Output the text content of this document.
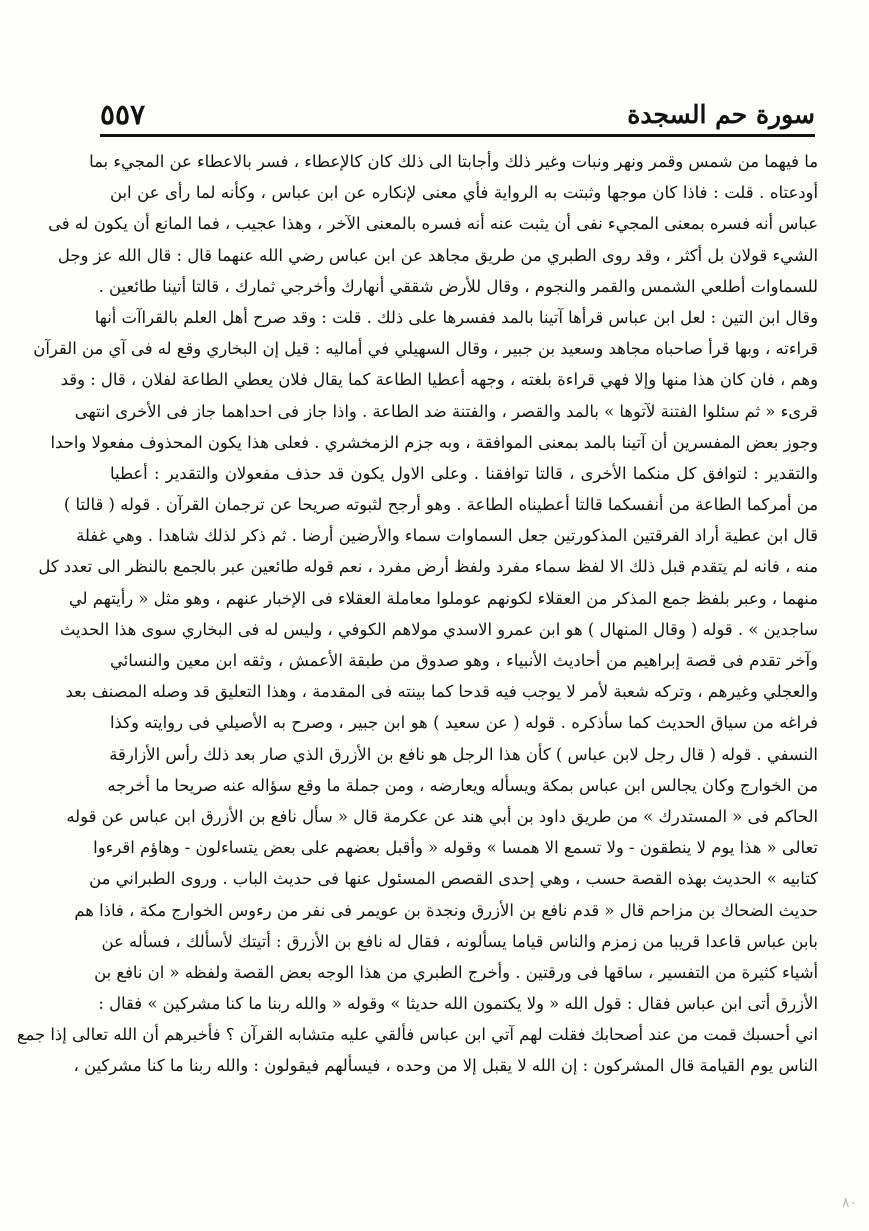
سورة حم السجدة
٥٥٧
ما فيهما من شمس وقمر ونهر ونبات وغير ذلك وأجابتا الى ذلك كان كالإعطاء ، فسر بالاعطاء عن المجيء بما
أودعتاه . قلت : فاذا كان موجها وثبتت به الرواية فأي معنى لإنكاره عن ابن عباس ، وكأنه لما رأى عن ابن
عباس أنه فسره بمعنى المجيء نفى أن يثبت عنه أنه فسره بالمعنى الآخر ، وهذا عجيب ، فما المانع أن يكون له فى
الشيء قولان بل أكثر ، وقد روى الطبري من طريق مجاهد عن ابن عباس رضي الله عنهما قال : قال الله عز وجل
للسماوات أطلعي الشمس والقمر والنجوم ، وقال للأرض شققي أنهارك وأخرجي ثمارك ، قالتا أتينا طائعين .
وقال ابن التين : لعل ابن عباس قرأها آتينا بالمد ففسرها على ذلك . قلت : وقد صرح أهل العلم بالقراآت أنها
قراءته ، وبها قرأ صاحباه مجاهد وسعيد بن جبير ، وقال السهيلي في أماليه : قيل إن البخاري وقع له فى آي من القرآن
وهم ، فان كان هذا منها وإلا فهي قراءة بلغته ، وجهه أعطيا الطاعة كما يقال فلان يعطي الطاعة لفلان ، قال : وقد
قرىء « ثم سئلوا الفتنة لآتوها » بالمد والقصر ، والفتنة ضد الطاعة . واذا جاز فى احداهما جاز فى الأخرى انتهى
وجوز بعض المفسرين أن آتينا بالمد بمعنى الموافقة ، وبه جزم الزمخشري . فعلى هذا يكون المحذوف مفعولا واحدا
والتقدير : لتوافق كل منكما الأخرى ، قالتا توافقنا . وعلى الاول يكون قد حذف مفعولان والتقدير : أعطيا
من أمركما الطاعة من أنفسكما قالتا أعطيناه الطاعة . وهو أرجح لثبوته صريحا عن ترجمان القرآن . قوله ( قالتا )
قال ابن عطية أراد الفرقتين المذكورتين جعل السماوات سماء والأرضين أرضا . ثم ذكر لذلك شاهدا . وهي غفلة
منه ، فانه لم يتقدم قبل ذلك الا لفظ سماء مفرد ولفظ أرض مفرد ، نعم قوله طائعين عبر بالجمع بالنظر الى تعدد كل
منهما ، وعبر بلفظ جمع المذكر من العقلاء لكونهم عوملوا معاملة العقلاء فى الإخبار عنهم ، وهو مثل « رأيتهم لي
ساجدين » . قوله ( وقال المنهال ) هو ابن عمرو الاسدي مولاهم الكوفي ، وليس له فى البخاري سوى هذا الحديث
وآخر تقدم فى قصة إبراهيم من أحاديث الأنبياء ، وهو صدوق من طبقة الأعمش ، وثقه ابن معين والنسائي
والعجلي وغيرهم ، وتركه شعبة لأمر لا يوجب فيه قدحا كما بينته فى المقدمة ، وهذا التعليق قد وصله المصنف بعد
فراغه من سياق الحديث كما سأذكره . قوله ( عن سعيد ) هو ابن جبير ، وصرح به الأصيلي فى روايته وكذا
النسفي . قوله ( قال رجل لابن عباس ) كأن هذا الرجل هو نافع بن الأزرق الذي صار بعد ذلك رأس الأزارقة
من الخوارج وكان يجالس ابن عباس بمكة ويسأله ويعارضه ، ومن جملة ما وقع سؤاله عنه صريحا ما أخرجه
الحاكم فى « المستدرك » من طريق داود بن أبي هند عن عكرمة قال « سأل نافع بن الأزرق ابن عباس عن قوله
تعالى « هذا يوم لا ينطقون - ولا تسمع الا همسا » وقوله « وأقبل بعضهم على بعض يتساءلون - وهاؤم اقرءوا
كتابيه » الحديث بهذه القصة حسب ، وهي إحدى القصص المسئول عنها فى حديث الباب . وروى الطبراني من
حديث الضحاك بن مزاحم قال « قدم نافع بن الأزرق ونجدة بن عويمر فى نفر من رءوس الخوارج مكة ، فاذا هم
بابن عباس قاعدا قريبا من زمزم والناس قياما يسألونه ، فقال له نافع بن الأزرق : أتيتك لأسألك ، فسأله عن
أشياء كثيرة من التفسير ، ساقها فى ورقتين . وأخرج الطبري من هذا الوجه بعض القصة ولفظه « ان نافع بن
الأزرق أتى ابن عباس فقال : قول الله « ولا يكتمون الله حديثا » وقوله « والله ربنا ما كنا مشركين » فقال :
اني أحسبك قمت من عند أصحابك فقلت لهم آتي ابن عباس فألقي عليه متشابه القرآن ؟ فأخبرهم أن الله تعالى إذا جمع
الناس يوم القيامة قال المشركون : إن الله لا يقبل إلا من وحده ، فيسألهم فيقولون : والله ربنا ما كنا مشركين ،
٨٠
